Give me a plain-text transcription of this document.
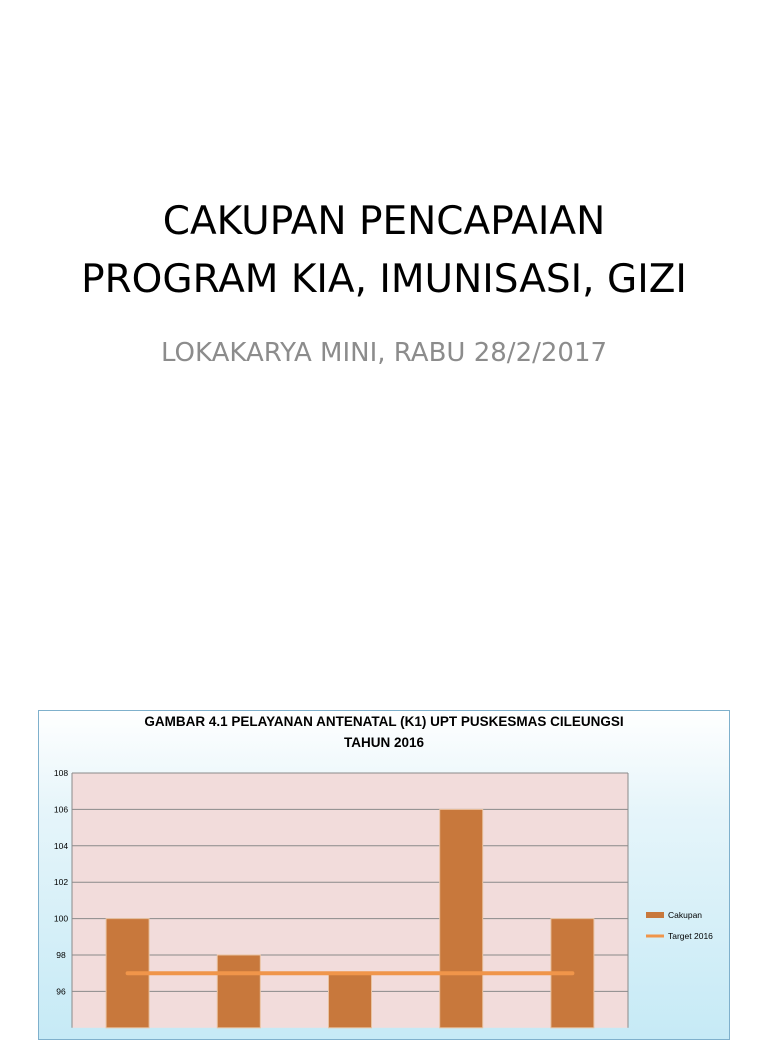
CAKUPAN PENCAPAIAN
PROGRAM KIA, IMUNISASI, GIZI
LOKAKARYA MINI, RABU 28/2/2017
GAMBAR 4.1 PELAYANAN ANTENATAL (K1) UPT PUSKESMAS CILEUNGSI
TAHUN 2016
108
106
104
102
100
98
96
Cakupan
Target 2016
